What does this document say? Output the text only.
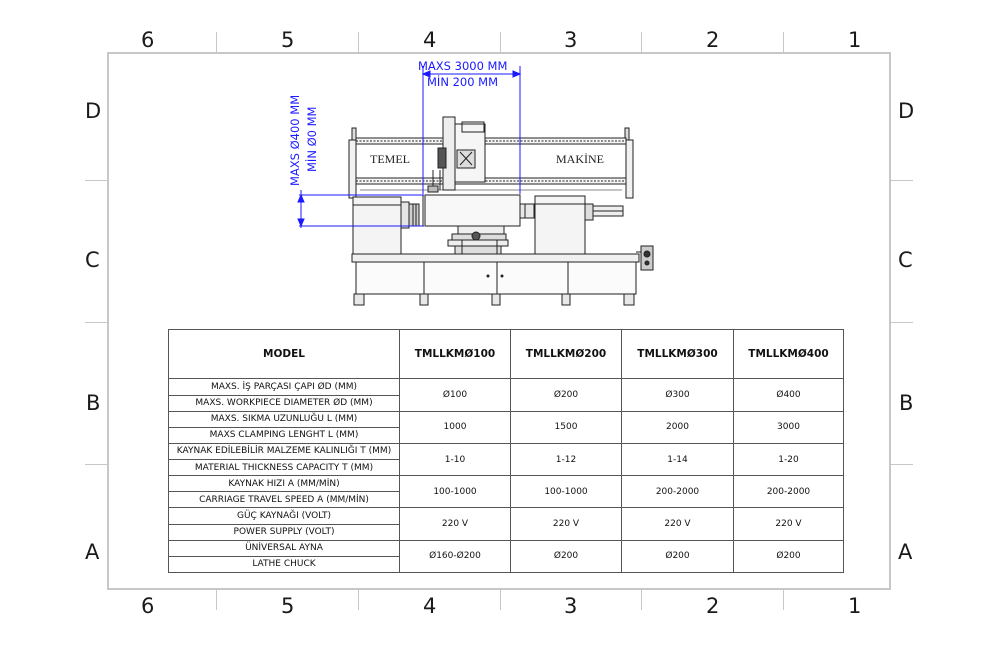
6	5	4	3	2	1
6	5	4	3	2	1
D
C
B
A
D
C
B
A
TEMEL	MAKİNE
MAXS 3000 MM
MİN 200 MM
MAXS Ø400 MM MİN Ø0 MM
MODEL	TMLLKMØ100	TMLLKMØ200	TMLLKMØ300	TMLLKMØ400
MAXS. İŞ PARÇASI ÇAPI ØD (MM)	Ø100	Ø200	Ø300	Ø400
MAXS. WORKPIECE DIAMETER ØD (MM)				
MAXS. SIKMA UZUNLUĞU L (MM)	1000	1500	2000	3000
MAXS CLAMPING LENGHT L (MM)				
KAYNAK EDİLEBİLİR MALZEME KALINLIĞI T (MM)	1-10	1-12	1-14	1-20
MATERIAL THICKNESS CAPACITY T (MM)				
KAYNAK HIZI A (MM/MİN)	100-1000	100-1000	200-2000	200-2000
CARRIAGE TRAVEL SPEED A (MM/MİN)				
GÜÇ KAYNAĞI (VOLT)	220 V	220 V	220 V	220 V
POWER SUPPLY (VOLT)				
ÜNİVERSAL AYNA	Ø160-Ø200	Ø200	Ø200	Ø200
LATHE CHUCK				
